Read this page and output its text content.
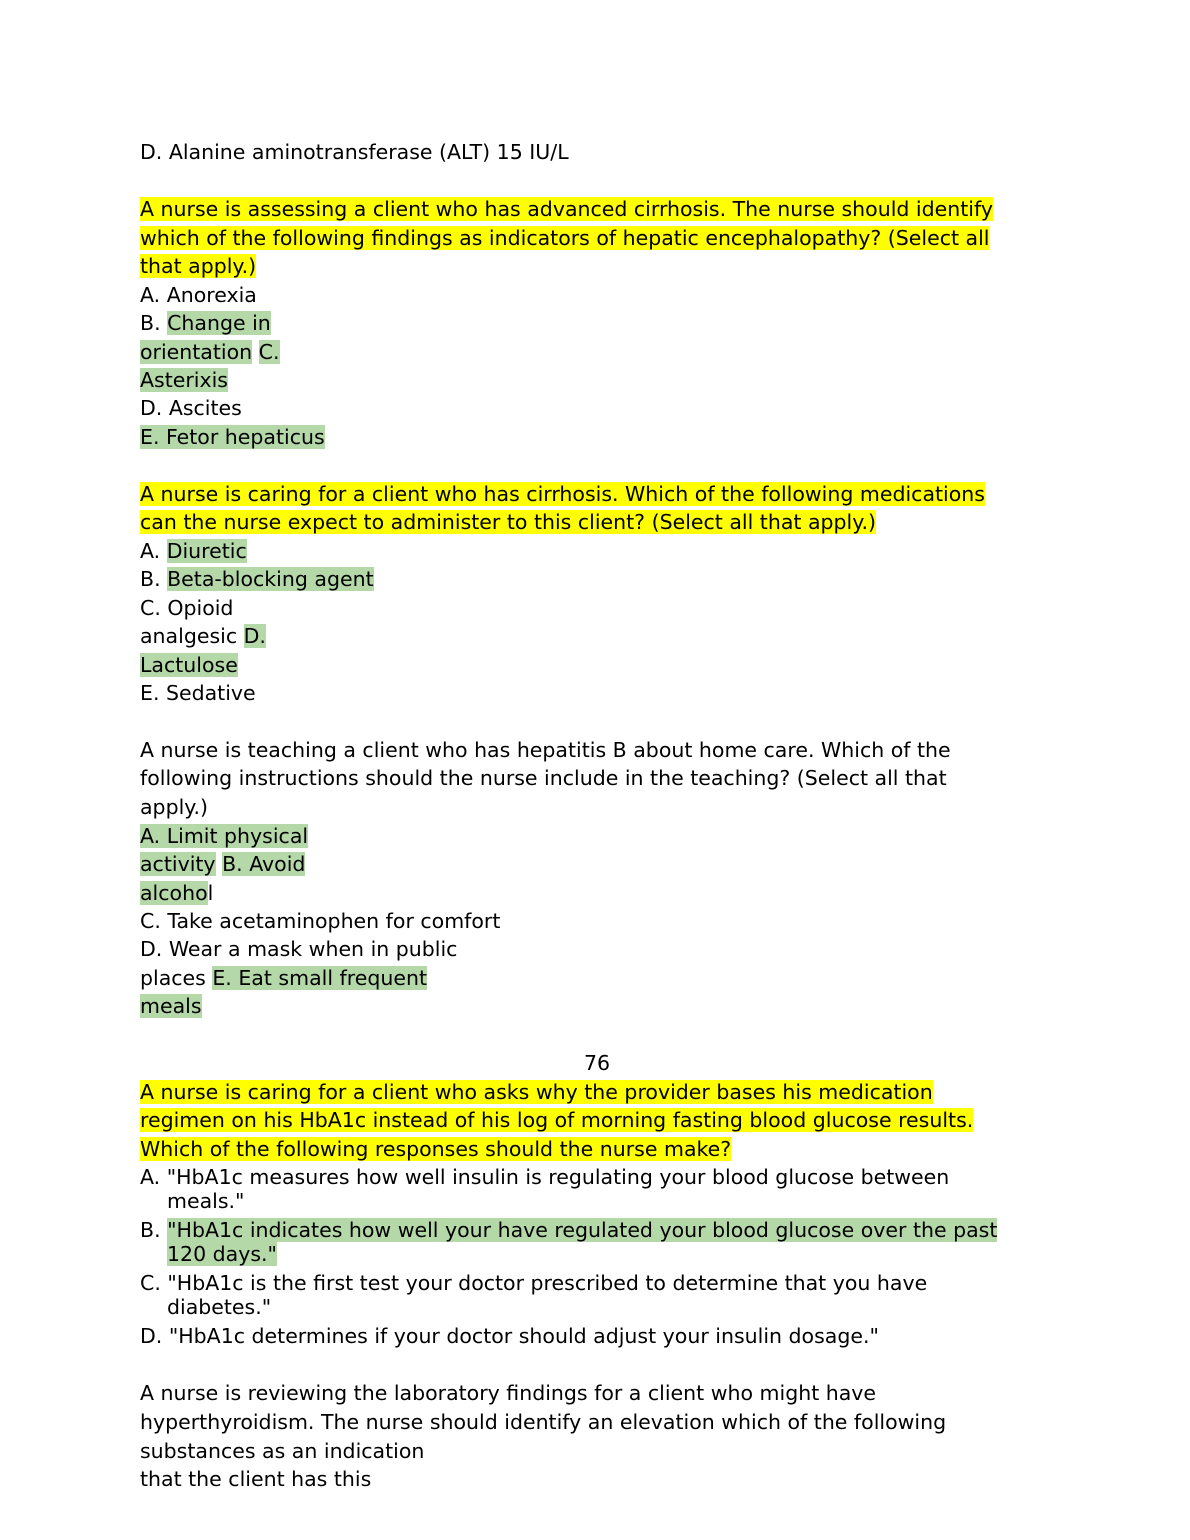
D. Alanine aminotransferase (ALT) 15 IU/L
A nurse is assessing a client who has advanced cirrhosis. The nurse should identify
which of the following findings as indicators of hepatic encephalopathy? (Select all
that apply.)
A. Anorexia
B. Change in
orientation C.
Asterixis
D. Ascites
E. Fetor hepaticus
A nurse is caring for a client who has cirrhosis. Which of the following medications
can the nurse expect to administer to this client? (Select all that apply.)
A. Diuretic
B. Beta-blocking agent
C. Opioid
analgesic D.
Lactulose
E. Sedative
A nurse is teaching a client who has hepatitis B about home care. Which of the
following instructions should the nurse include in the teaching? (Select all that
apply.)
A. Limit physical
activity B. Avoid
alcohol
C. Take acetaminophen for comfort
D. Wear a mask when in public
places E. Eat small frequent
meals
76
A nurse is caring for a client who asks why the provider bases his medication
regimen on his HbA1c instead of his log of morning fasting blood glucose results.
Which of the following responses should the nurse make?
A. "HbA1c measures how well insulin is regulating your blood glucose between
meals."
B. "HbA1c indicates how well your have regulated your blood glucose over the past
120 days."
C. "HbA1c is the first test your doctor prescribed to determine that you have
diabetes."
D. "HbA1c determines if your doctor should adjust your insulin dosage."
A nurse is reviewing the laboratory findings for a client who might have
hyperthyroidism. The nurse should identify an elevation which of the following
substances as an indication
that the client has this
